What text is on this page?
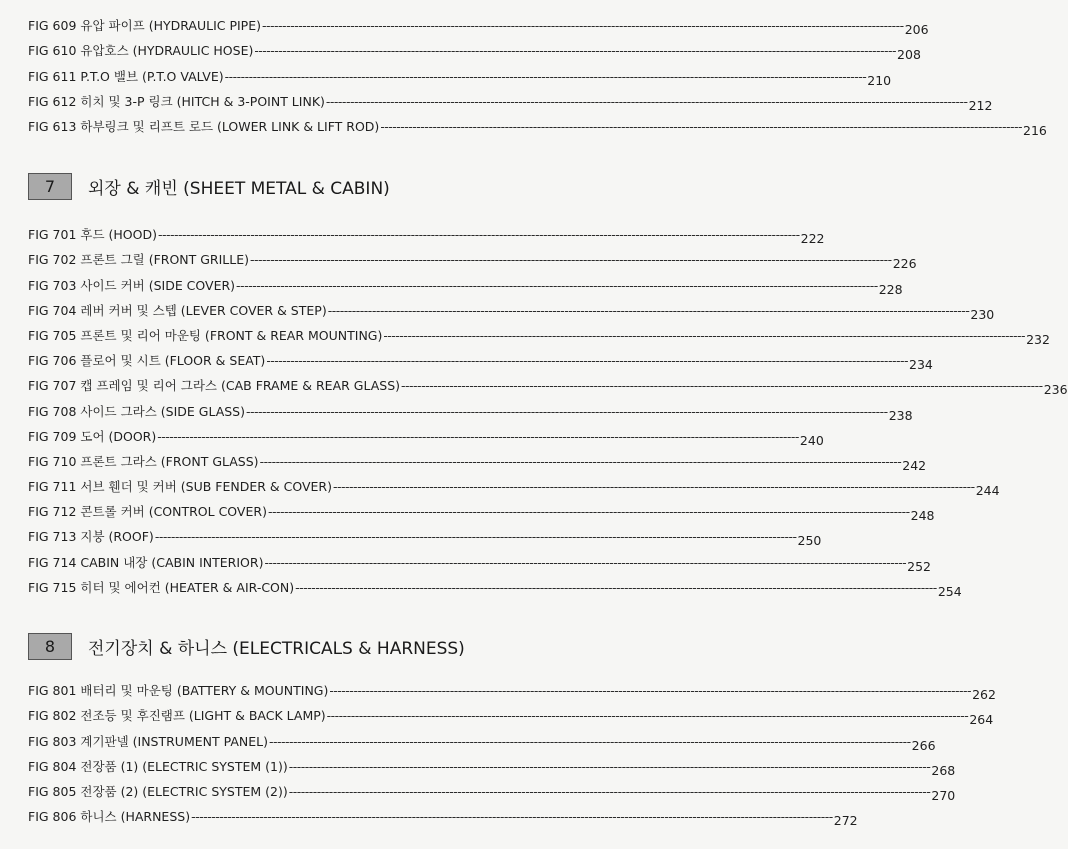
FIG 609 유압 파이프 (HYDRAULIC PIPE) ---------------------------------------------------------------------------------------------------------------------------------------------------------------- 206
FIG 610 유압호스 (HYDRAULIC HOSE) ---------------------------------------------------------------------------------------------------------------------------------------------------------------- 208
FIG 611 P.T.O 밸브 (P.T.O VALVE) ---------------------------------------------------------------------------------------------------------------------------------------------------------------- 210
FIG 612 히치 및 3-P 링크 (HITCH & 3-POINT LINK) ---------------------------------------------------------------------------------------------------------------------------------------------------------------- 212
FIG 613 하부링크 및 리프트 로드 (LOWER LINK & LIFT ROD) ---------------------------------------------------------------------------------------------------------------------------------------------------------------- 216
7	외장 & 캐빈 (SHEET METAL & CABIN)
FIG 701 후드 (HOOD) ---------------------------------------------------------------------------------------------------------------------------------------------------------------- 222
FIG 702 프론트 그릴 (FRONT GRILLE) ---------------------------------------------------------------------------------------------------------------------------------------------------------------- 226
FIG 703 사이드 커버 (SIDE COVER) ---------------------------------------------------------------------------------------------------------------------------------------------------------------- 228
FIG 704 레버 커버 및 스텝 (LEVER COVER & STEP) ---------------------------------------------------------------------------------------------------------------------------------------------------------------- 230
FIG 705 프론트 및 리어 마운팅 (FRONT & REAR MOUNTING) ---------------------------------------------------------------------------------------------------------------------------------------------------------------- 232
FIG 706 플로어 및 시트 (FLOOR & SEAT) ---------------------------------------------------------------------------------------------------------------------------------------------------------------- 234
FIG 707 캡 프레임 및 리어 그라스 (CAB FRAME & REAR GLASS) ---------------------------------------------------------------------------------------------------------------------------------------------------------------- 236
FIG 708 사이드 그라스 (SIDE GLASS) ---------------------------------------------------------------------------------------------------------------------------------------------------------------- 238
FIG 709 도어 (DOOR) ---------------------------------------------------------------------------------------------------------------------------------------------------------------- 240
FIG 710 프론트 그라스 (FRONT GLASS) ---------------------------------------------------------------------------------------------------------------------------------------------------------------- 242
FIG 711 서브 휀더 및 커버 (SUB FENDER & COVER) ---------------------------------------------------------------------------------------------------------------------------------------------------------------- 244
FIG 712 콘트롤 커버 (CONTROL COVER) ---------------------------------------------------------------------------------------------------------------------------------------------------------------- 248
FIG 713 지붕 (ROOF) ---------------------------------------------------------------------------------------------------------------------------------------------------------------- 250
FIG 714 CABIN 내장 (CABIN INTERIOR) ---------------------------------------------------------------------------------------------------------------------------------------------------------------- 252
FIG 715 히터 및 에어컨 (HEATER & AIR-CON) ---------------------------------------------------------------------------------------------------------------------------------------------------------------- 254
8	전기장치 & 하니스 (ELECTRICALS & HARNESS)
FIG 801 배터리 및 마운팅 (BATTERY & MOUNTING) ---------------------------------------------------------------------------------------------------------------------------------------------------------------- 262
FIG 802 전조등 및 후진램프 (LIGHT & BACK LAMP) ---------------------------------------------------------------------------------------------------------------------------------------------------------------- 264
FIG 803 계기판넬 (INSTRUMENT PANEL) ---------------------------------------------------------------------------------------------------------------------------------------------------------------- 266
FIG 804 전장품 (1) (ELECTRIC SYSTEM (1)) ---------------------------------------------------------------------------------------------------------------------------------------------------------------- 268
FIG 805 전장품 (2) (ELECTRIC SYSTEM (2)) ---------------------------------------------------------------------------------------------------------------------------------------------------------------- 270
FIG 806 하니스 (HARNESS) ---------------------------------------------------------------------------------------------------------------------------------------------------------------- 272
